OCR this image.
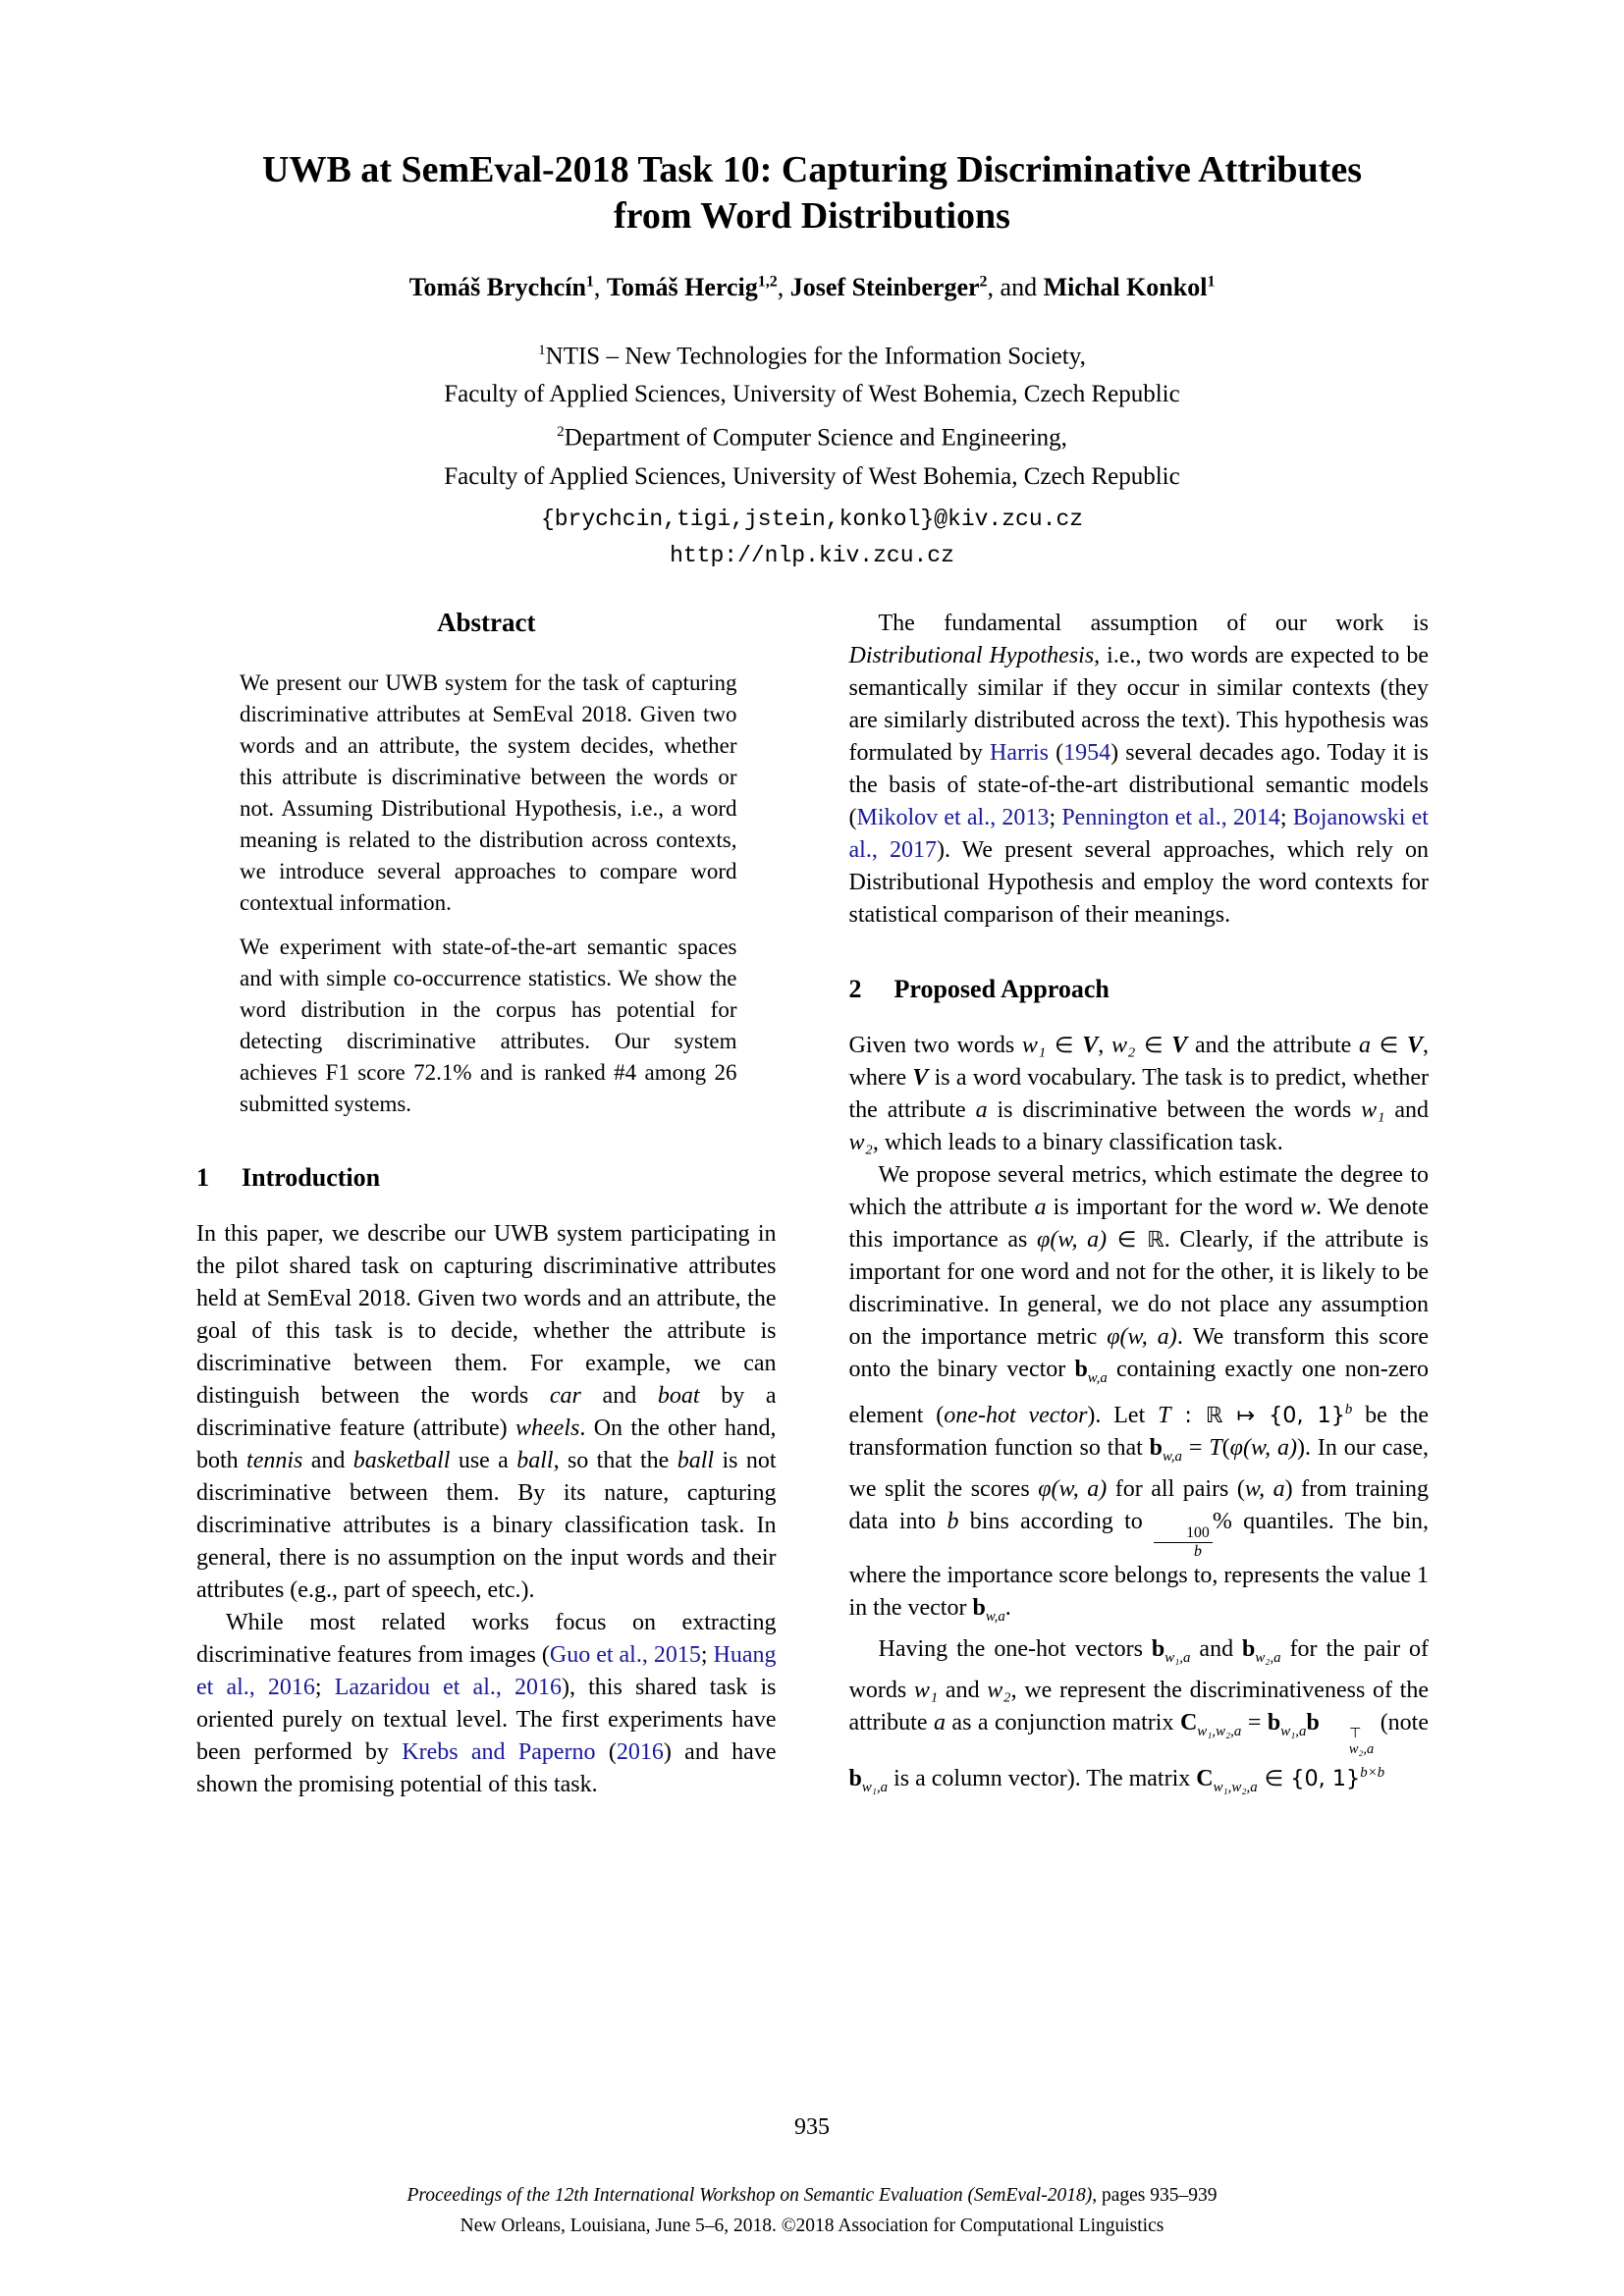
UWB at SemEval-2018 Task 10: Capturing Discriminative Attributes
from Word Distributions
Tomáš Brychcín$^1$, Tomáš Hercig$^{1,2}$, Josef Steinberger$^2$, and Michal Konkol$^1$
$^1$NTIS – New Technologies for the Information Society,
Faculty of Applied Sciences, University of West Bohemia, Czech Republic
$^2$Department of Computer Science and Engineering,
Faculty of Applied Sciences, University of West Bohemia, Czech Republic
{brychcin,tigi,jstein,konkol}@kiv.zcu.cz
http://nlp.kiv.zcu.cz
Abstract

We present our UWB system for the task of capturing discriminative attributes at SemEval 2018. Given two words and an attribute, the system decides, whether this attribute is discriminative between the words or not. Assuming Distributional Hypothesis, i.e., a word meaning is related to the distribution across contexts, we introduce several approaches to compare word contextual information.

We experiment with state-of-the-art semantic spaces and with simple co-occurrence statistics. We show the word distribution in the corpus has potential for detecting discriminative attributes. Our system achieves F1 score 72.1% and is ranked #4 among 26 submitted systems.

1	Introduction

In this paper, we describe our UWB system participating in the pilot shared task on capturing discriminative attributes held at SemEval 2018. Given two words and an attribute, the goal of this task is to decide, whether the attribute is discriminative between them. For example, we can distinguish between the words car and boat by a discriminative feature (attribute) wheels. On the other hand, both tennis and basketball use a ball, so that the ball is not discriminative between them. By its nature, capturing discriminative attributes is a binary classification task. In general, there is no assumption on the input words and their attributes (e.g., part of speech, etc.).

While most related works focus on extracting discriminative features from images (Guo et al., 2015; Huang et al., 2016; Lazaridou et al., 2016), this shared task is oriented purely on textual level. The first experiments have been performed by Krebs and Paperno (2016) and have shown the promising potential of this task.

The fundamental assumption of our work is Distributional Hypothesis, i.e., two words are expected to be semantically similar if they occur in similar contexts (they are similarly distributed across the text). This hypothesis was formulated by Harris (1954) several decades ago. Today it is the basis of state-of-the-art distributional semantic models (Mikolov et al., 2013; Pennington et al., 2014; Bojanowski et al., 2017). We present several approaches, which rely on Distributional Hypothesis and employ the word contexts for statistical comparison of their meanings.

2	Proposed Approach

Given two words w₁ ∈ V, w₂ ∈ V and the attribute a ∈ V, where V is a word vocabulary. The task is to predict, whether the attribute a is discriminative between the words w₁ and w₂, which leads to a binary classification task.

We propose several metrics, which estimate the degree to which the attribute a is important for the word w. We denote this importance as φ(w, a) ∈ ℝ. Clearly, if the attribute is important for one word and not for the other, it is likely to be discriminative. In general, we do not place any assumption on the importance metric φ(w, a). We transform this score onto the binary vector $b_{w,a}$ containing exactly one non-zero element (one-hot vector). Let T : ℝ ↦ {0, 1}$^b$ be the transformation function so that $b_{w,a} = T(\varphi(w$, a)). In our case, we split the scores φ(w, a) for all pairs (w, a) from training data into b bins according to
$\frac{100}{b}$
% quantiles. The bin, where the importance score belongs to, represents the value 1 in the vector $b_{w,a}$.

Having the one-hot vectors $b_{w_1,a}$ and $b_{w_2,a}$ for the pair of words w₁ and w₂, we represent the discriminativeness of the attribute a as a conjunction matrix $C_{w_1,w_2,a} = b_{w_1,a}b$	⊤
w₂,a
(note $b_{w_1,a}$ is a column vector). The matrix $C_{w_1,w_2,a}$ ∈ {0, 1}$^{b\times b}$

935
Proceedings of the 12th International Workshop on Semantic Evaluation (SemEval-2018), pages 935–939
New Orleans, Louisiana, June 5–6, 2018. ©2018 Association for Computational Linguistics
